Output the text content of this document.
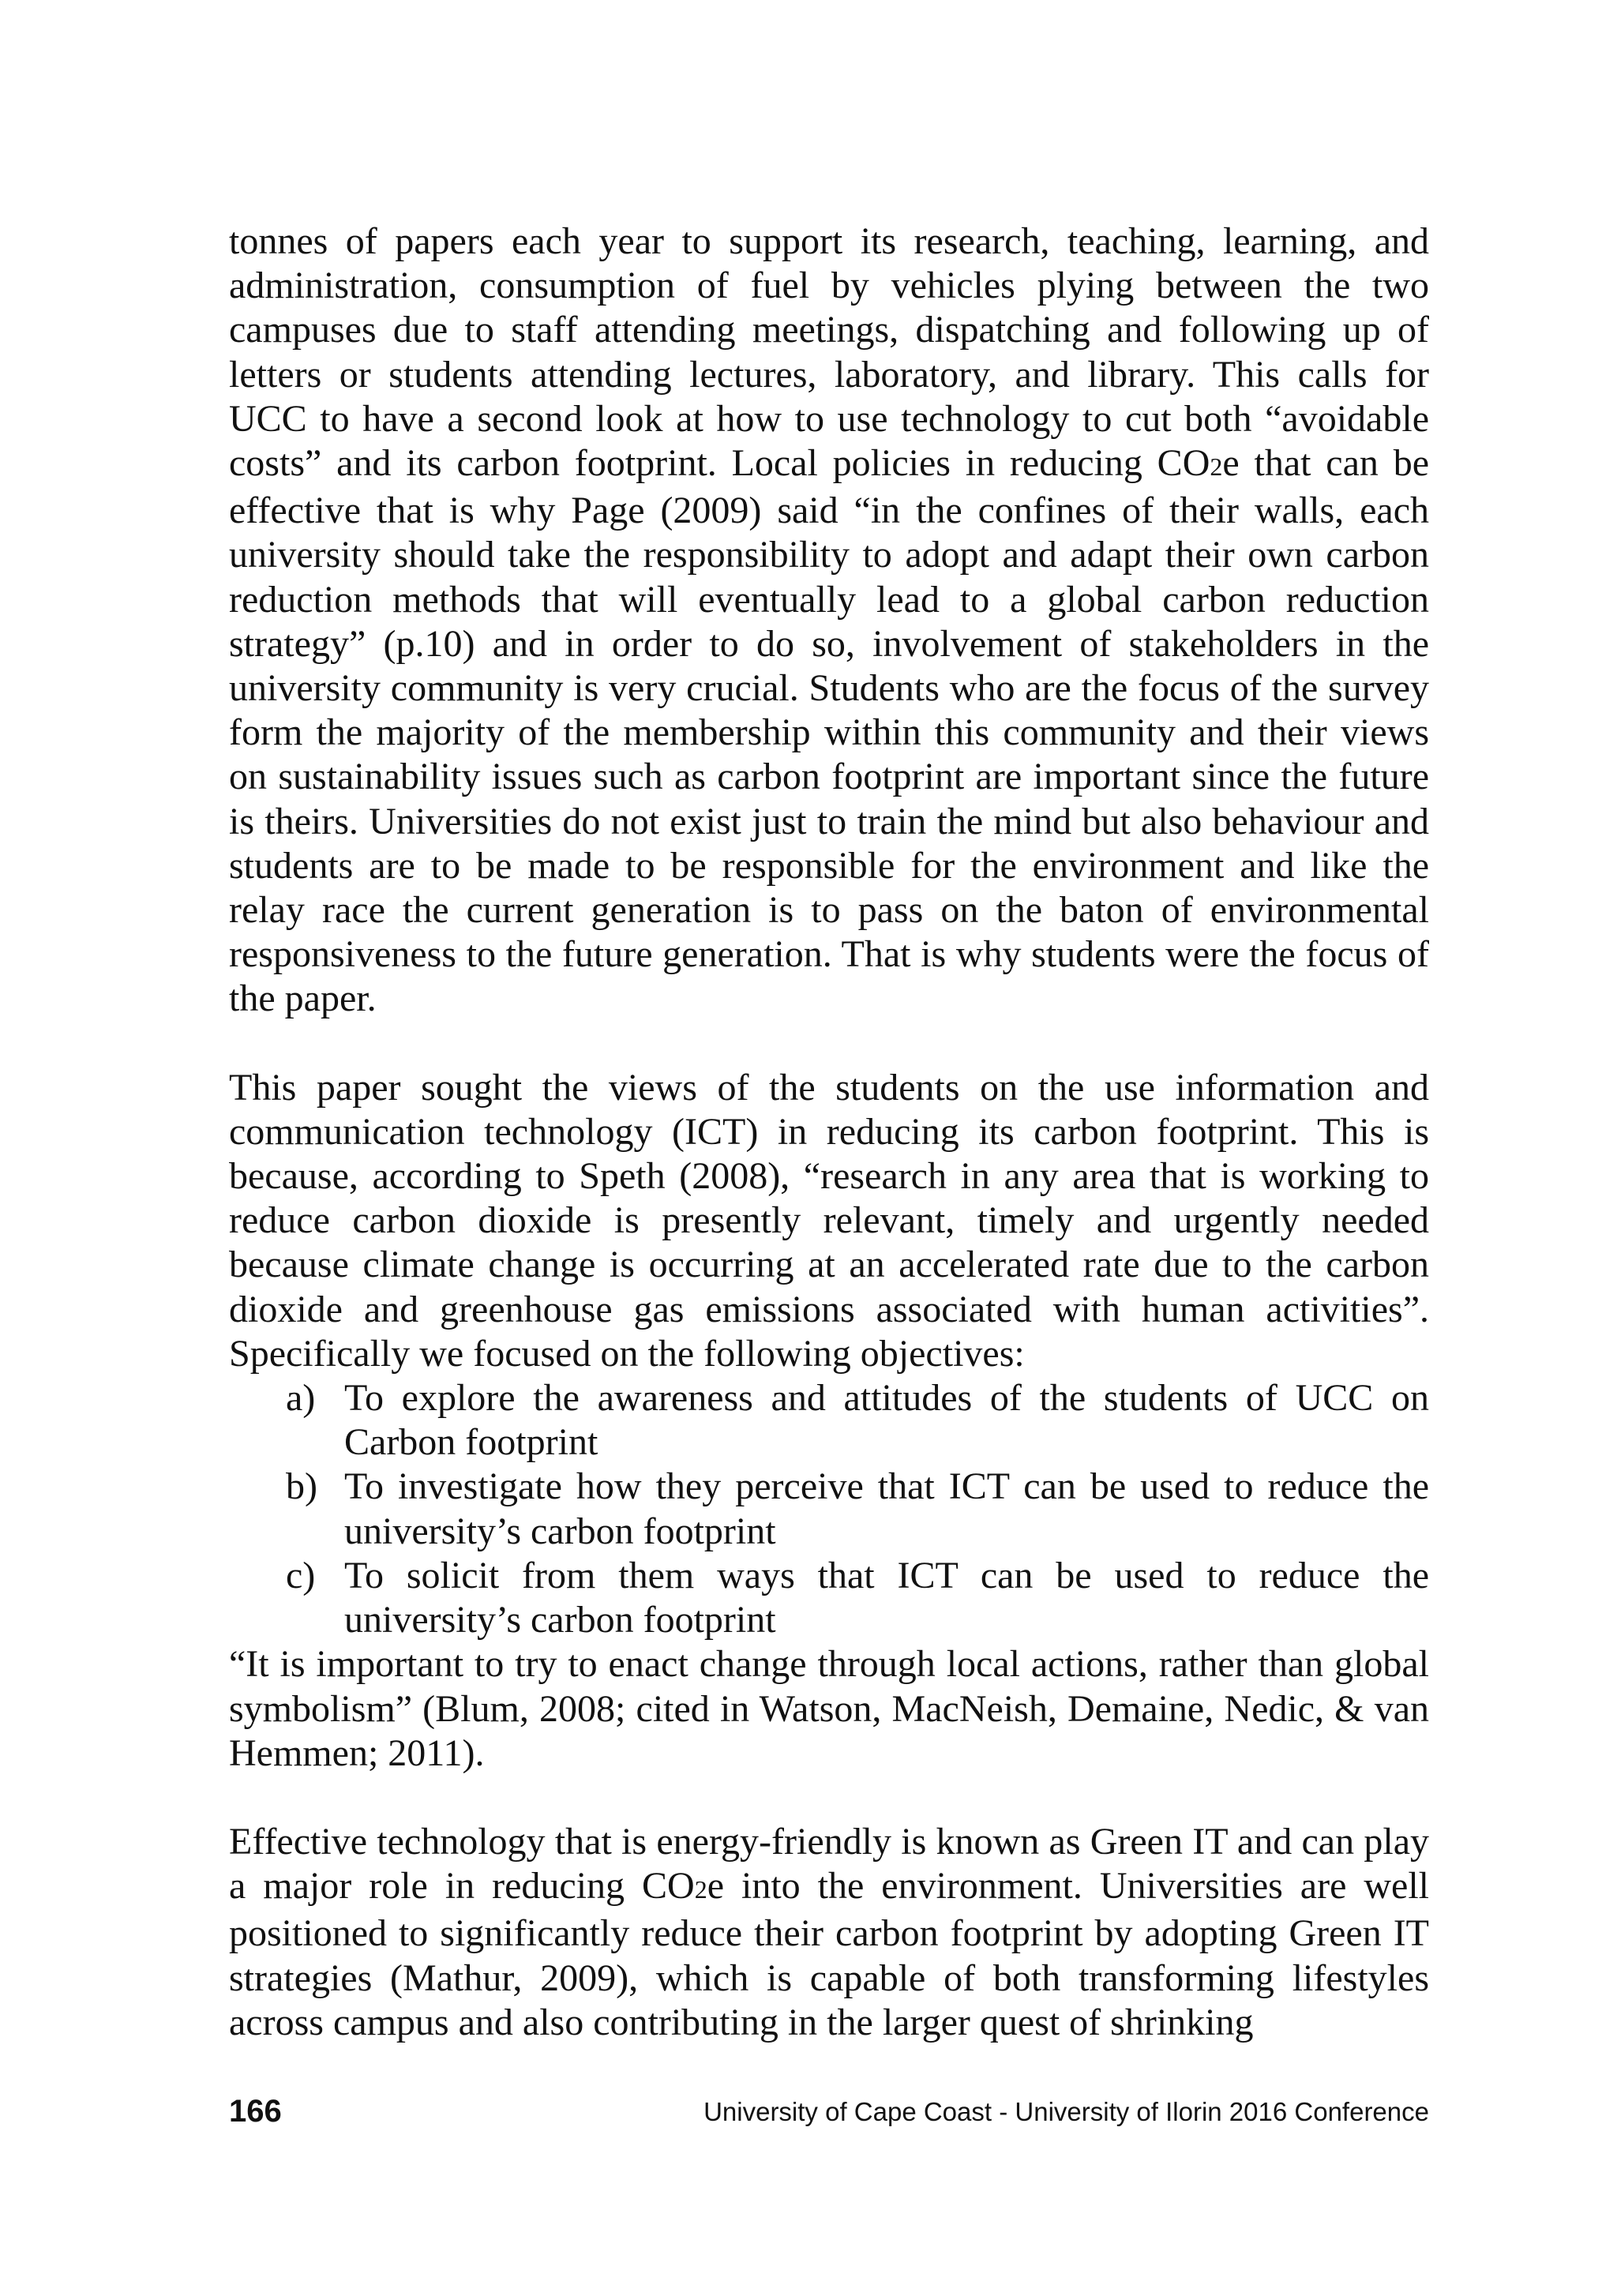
tonnes of papers each year to support its research, teaching, learning, and administration, consumption of fuel by vehicles plying between the two campuses due to staff attending meetings, dispatching and following up of letters or students attending lectures, laboratory, and library. This calls for UCC to have a second look at how to use technology to cut both “avoidable costs” and its carbon footprint. Local policies in reducing CO2e that can be effective that is why Page (2009) said “in the confines of their walls, each university should take the responsibility to adopt and adapt their own carbon reduction methods that will eventually lead to a global carbon reduction strategy” (p.10) and in order to do so, involvement of stakeholders in the university community is very crucial. Students who are the focus of the survey form the majority of the membership within this community and their views on sustainability issues such as carbon footprint are important since the future is theirs. Universities do not exist just to train the mind but also behaviour and students are to be made to be responsible for the environment and like the relay race the current generation is to pass on the baton of environmental responsiveness to the future generation. That is why students were the focus of the paper.

This paper sought the views of the students on the use information and communication technology (ICT) in reducing its carbon footprint. This is because, according to Speth (2008), “research in any area that is working to reduce carbon dioxide is presently relevant, timely and urgently needed because climate change is occurring at an accelerated rate due to the carbon dioxide and greenhouse gas emissions associated with human activities”. Specifically we focused on the following objectives:

a) To explore the awareness and attitudes of the students of UCC on Carbon footprint
b) To investigate how they perceive that ICT can be used to reduce the university’s carbon footprint
c) To solicit from them ways that ICT can be used to reduce the university’s carbon footprint

“It is important to try to enact change through local actions, rather than global symbolism” (Blum, 2008; cited in Watson, MacNeish, Demaine, Nedic, & van Hemmen; 2011).

Effective technology that is energy-friendly is known as Green IT and can play a major role in reducing CO2e into the environment. Universities are well positioned to significantly reduce their carbon footprint by adopting Green IT strategies (Mathur, 2009), which is capable of both transforming lifestyles across campus and also contributing in the larger quest of shrinking

166	University of Cape Coast - University of Ilorin 2016 Conference
